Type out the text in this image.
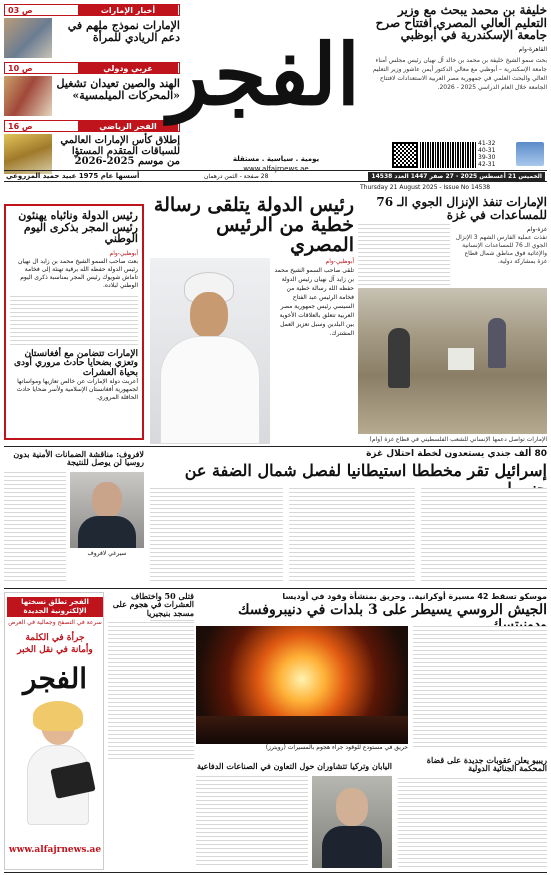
أخبار الإمارات
ص 03
الإمارات نموذج ملهم في دعم الريادي للمرأة
عربي ودولي
ص 10
الهند والصين تعيدان تشغيل «المحركات الميلمسية»
الفجر الرياضي
ص 16
إطلاق كأس الإمارات العالمي للسباقات المتقدم المستؤا من موسم 2025-2026
الفجر
يومية . سياسية . مستقلة
www.alfajrnews.ae
خليفة بن محمد يبحث مع وزير التعليم العالي المصري افتتاح صرح جامعة الإسكندرية في أبوظبي
القاهرة-وام
بحث سمو الشيخ خليفة بن محمد بن خالد آل نهيان رئيس مجلس أمناء جامعة الإسكندرية – أبوظبي مع معالي الدكتور أيمن عاشور وزير التعليم العالي والبحث العلمي في جمهورية مصر العربية الاستعدادات لافتتاح الجامعة خلال العام الدراسي 2025 - 2026.
41-32
40-31
39-30
42-31
أسسها عام 1975 عبيد حميد المزروعي	28 صفحة - الثمن درهمان	الخميس 21 أغسطس 2025 - 27 صفر 1447 العدد 14538
Thursday 21 August 2025 - Issue No 14538
الإمارات تنفذ الإنزال الجوي الـ 76 للمساعدات في غزة
غزة-وام
نفذت عملية الفارس الشهم 3 الإنزال الجوي الـ 76 للمساعدات الإنسانية والإغاثية فوق مناطق شمال قطاع غزة بمشاركة دولية.
الإمارات تواصل دعمها الإنساني للشعب الفلسطيني في قطاع غزة (وام)
رئيس الدولة يتلقى رسالة خطية من الرئيس المصري
أبوظبي-وام
تلقى صاحب السمو الشيخ محمد بن زايد آل نهيان رئيس الدولة حفظه الله رسالة خطية من فخامة الرئيس عبد الفتاح السيسي رئيس جمهورية مصر العربية تتعلق بالعلاقات الأخوية بين البلدين وسبل تعزيز العمل المشترك.
رئيس الدولة ونائباه يهنئون رئيس المجر بذكرى اليوم الوطني
أبوظبي-وام
بعث صاحب السمو الشيخ محمد بن زايد آل نهيان رئيس الدولة حفظه الله برقية تهنئة إلى فخامة تاماش شويوك رئيس المجر بمناسبة ذكرى اليوم الوطني لبلاده.
الإمارات تتضامن مع أفغانستان وتعزي بضحايا حادث مروري أودى بحياة العشرات
أعربت دولة الإمارات عن خالص تعازيها ومواساتها لجمهورية أفغانستان الإسلامية ولأسر ضحايا حادث الحافلة المروري.
80 ألف جندي يستعدون لخطة احتلال غزة
إسرائيل تقر مخططا استيطانيا لفصل شمال الضفة عن
لافروف: مناقشة الضمانات الأمنية بدون روسيا لن يوصل للنتيجة
سيرغي لافروف
موسكو تسقط 42 مسيرة أوكرانية.. وحريق بمنشأة وقود في أوديسا
الجيش الروسي يسيطر على 3 بلدات في دنيبروفسك
حريق في مستودع للوقود جراء هجوم بالمسيرات (رويترز)
قتلى 50 واختطاف العشرات في هجوم على مسجد بنيجيريا
اليابان وتركيا تتشاوران حول التعاون في الصناعات الدفاعية
ريبيو يعلن عقوبات جديدة على قضاة المحكمة الجنائية الدولية
الفجر تطلق نسختها الإلكترونية الجديدة
سرعة في التصفح وجمالية في العرض
جرأة في الكلمة
وأمانة في نقل الخبر
الفجر
www.alfajrnews.ae
